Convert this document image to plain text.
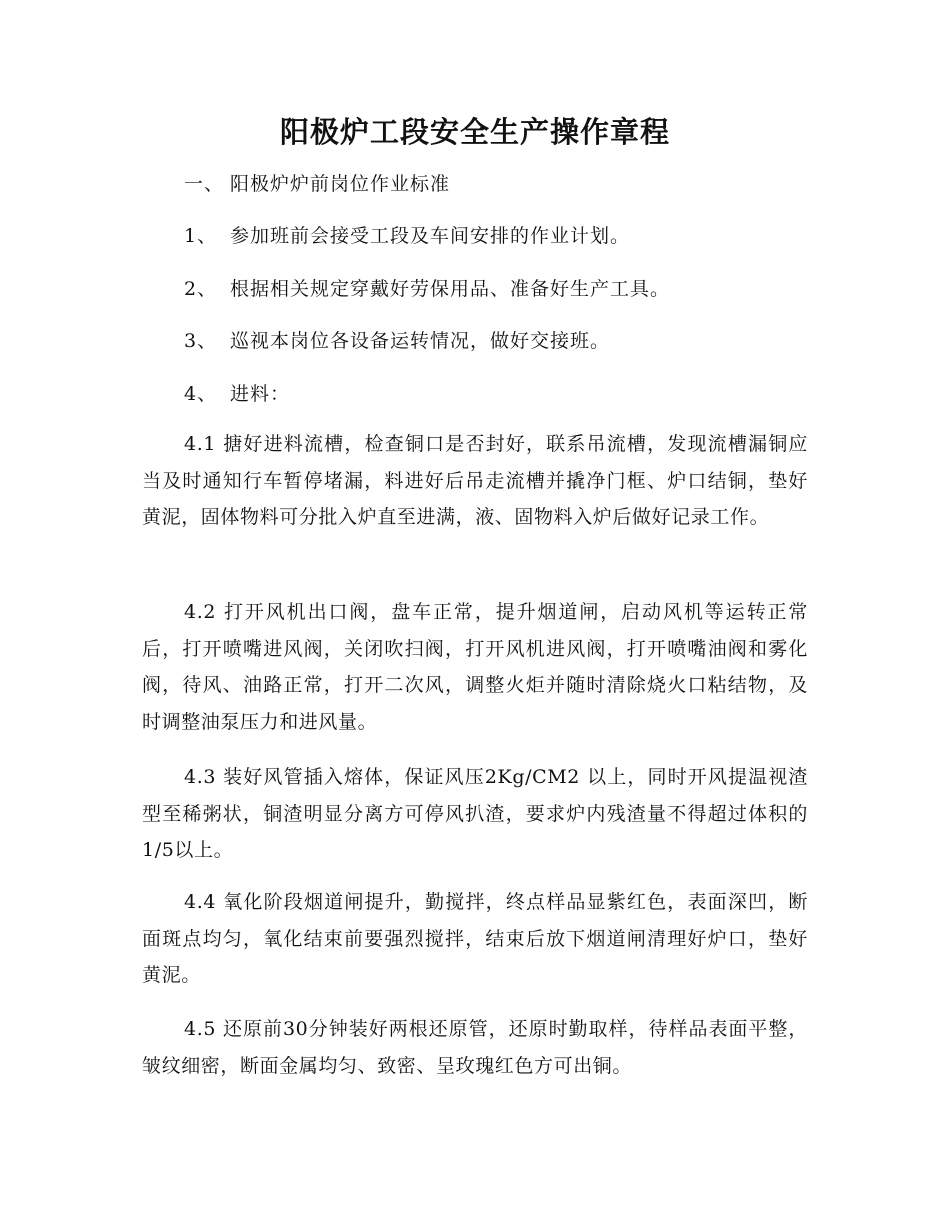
阳极炉工段安全生产操作章程
一、 阳极炉炉前岗位作业标准
1、 参加班前会接受工段及车间安排的作业计划。
2、 根据相关规定穿戴好劳保用品、准备好生产工具。
3、 巡视本岗位各设备运转情况，做好交接班。
4、 进料：

4.1 搪好进料流槽，检查铜口是否封好，联系吊流槽，发现流槽漏铜应当及时通知行车暂停堵漏，料进好后吊走流槽并撬净门框、炉口结铜，垫好黄泥，固体物料可分批入炉直至进满，液、固物料入炉后做好记录工作。

4.2 打开风机出口阀，盘车正常，提升烟道闸，启动风机等运转正常后，打开喷嘴进风阀，关闭吹扫阀，打开风机进风阀，打开喷嘴油阀和雾化阀，待风、油路正常，打开二次风，调整火炬并随时清除烧火口粘结物，及时调整油泵压力和进风量。

4.3 装好风管插入熔体，保证风压2Kg/CM2 以上，同时开风提温视渣型至稀粥状，铜渣明显分离方可停风扒渣，要求炉内残渣量不得超过体积的1/5以上。

4.4 氧化阶段烟道闸提升，勤搅拌，终点样品显紫红色，表面深凹，断面斑点均匀，氧化结束前要强烈搅拌，结束后放下烟道闸清理好炉口，垫好黄泥。

4.5 还原前30分钟装好两根还原管，还原时勤取样，待样品表面平整，皱纹细密，断面金属均匀、致密、呈玫瑰红色方可出铜。
